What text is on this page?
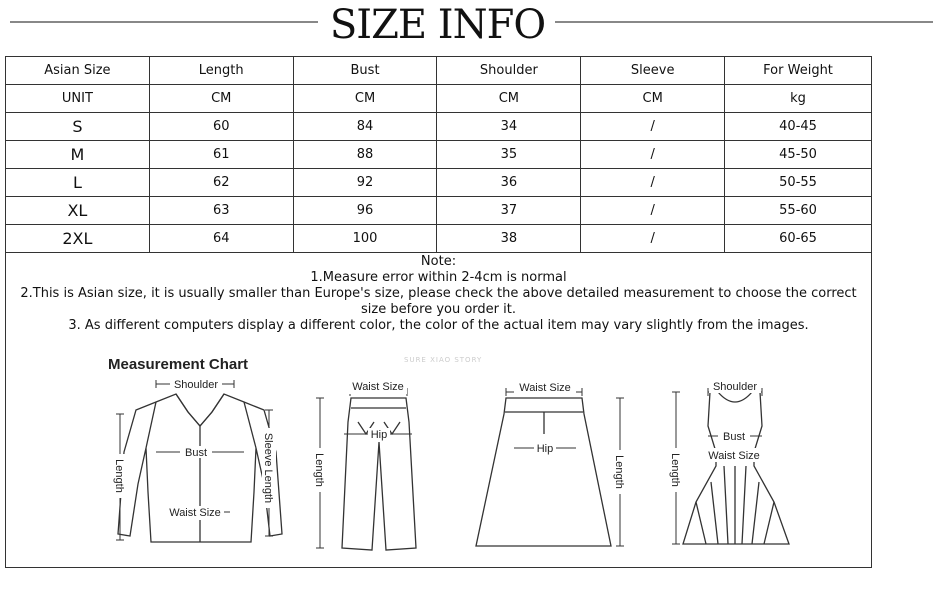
SIZE INFO
Asian Size	Length	Bust	Shoulder	Sleeve	For Weight
UNIT	CM	CM	CM	CM	kg
S	60	84	34	/	40-45
M	61	88	35	/	45-50
L	62	92	36	/	50-55
XL	63	96	37	/	55-60
2XL	64	100	38	/	60-65

Note:

1.Measure error within 2-4cm is normal

2.This is Asian size, it is usually smaller than Europe's size, please check the above detailed measurement to choose the correct size before you order it.

3. As different computers display a different color, the color of the actual item may vary slightly from the images.

Measurement Chart	SURE XIAO STORY
Shoulder
Bust
Waist Size
Length	Sleeve Length
Waist Size
Hip
Length
Waist Size
Hip
Length
Shoulder
Bust
Waist Size
Length
